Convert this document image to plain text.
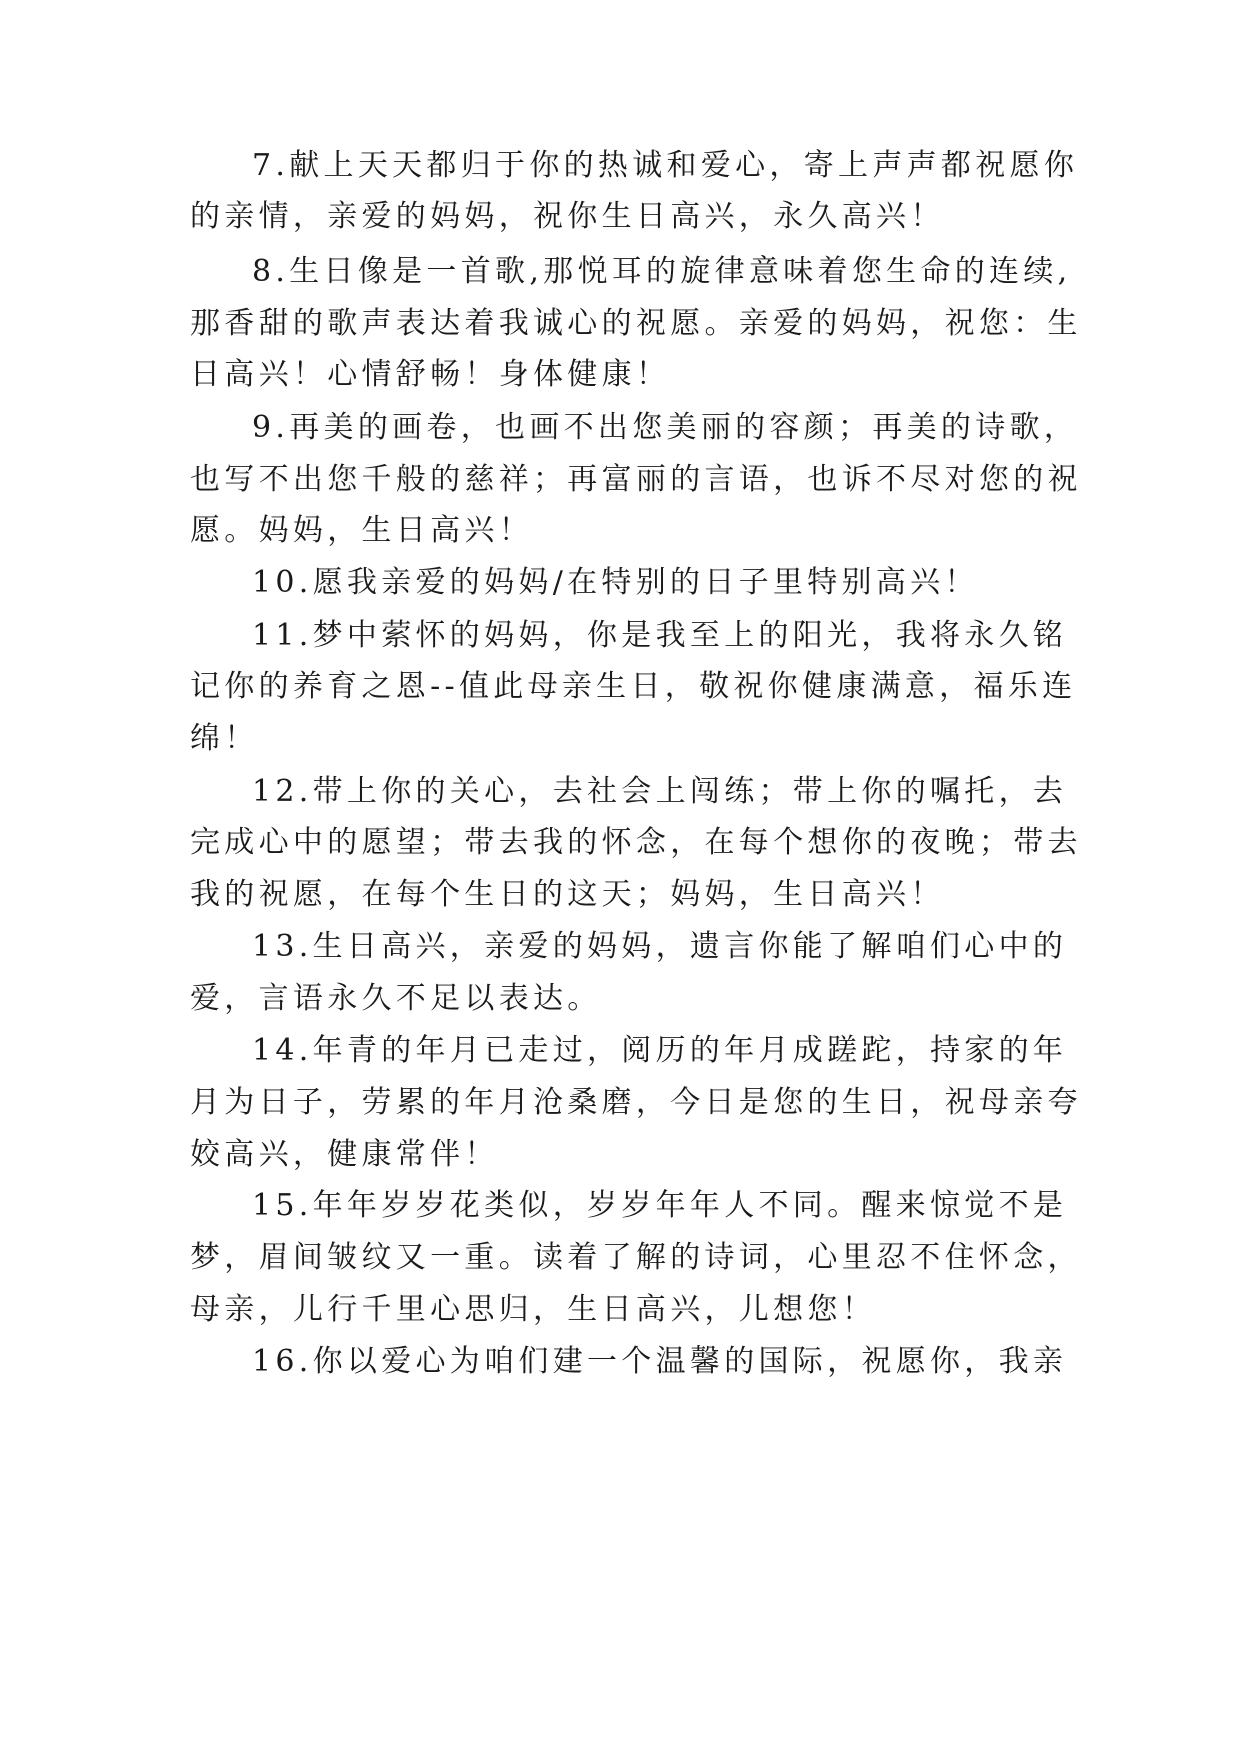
7.献上天天都归于你的热诚和爱心，寄上声声都祝愿你
的亲情，亲爱的妈妈，祝你生日高兴，永久高兴！
8.生日像是一首歌,那悦耳的旋律意味着您生命的连续,
那香甜的歌声表达着我诚心的祝愿。亲爱的妈妈，祝您：生
日高兴！心情舒畅！身体健康！
9.再美的画卷，也画不出您美丽的容颜；再美的诗歌，
也写不出您千般的慈祥；再富丽的言语，也诉不尽对您的祝
愿。妈妈，生日高兴！
10.愿我亲爱的妈妈/在特别的日子里特别高兴！
11.梦中萦怀的妈妈，你是我至上的阳光，我将永久铭
记你的养育之恩--值此母亲生日，敬祝你健康满意，福乐连
绵！
12.带上你的关心，去社会上闯练；带上你的嘱托，去
完成心中的愿望；带去我的怀念，在每个想你的夜晚；带去
我的祝愿，在每个生日的这天；妈妈，生日高兴！
13.生日高兴，亲爱的妈妈，遗言你能了解咱们心中的
爱，言语永久不足以表达。
14.年青的年月已走过，阅历的年月成蹉跎，持家的年
月为日子，劳累的年月沧桑磨，今日是您的生日，祝母亲夸
姣高兴，健康常伴！
15.年年岁岁花类似，岁岁年年人不同。醒来惊觉不是
梦，眉间皱纹又一重。读着了解的诗词，心里忍不住怀念，
母亲，儿行千里心思归，生日高兴，儿想您！
16.你以爱心为咱们建一个温馨的国际，祝愿你，我亲
